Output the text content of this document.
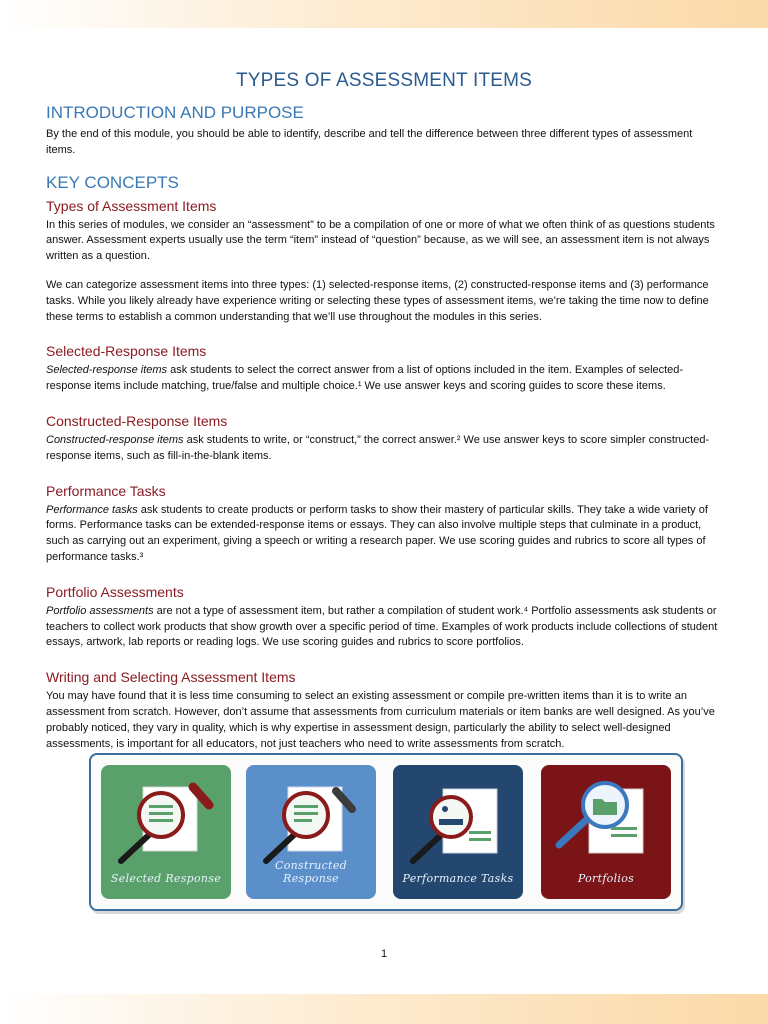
TYPES OF ASSESSMENT ITEMS
INTRODUCTION AND PURPOSE

By the end of this module, you should be able to identify, describe and tell the difference between three different types of assessment items.

KEY CONCEPTS
Types of Assessment Items

In this series of modules, we consider an “assessment” to be a compilation of one or more of what we often think of as questions students answer. Assessment experts usually use the term “item” instead of “question” because, as we will see, an assessment item is not always written as a question.

We can categorize assessment items into three types: (1) selected-response items, (2) constructed-response items and (3) performance tasks. While you likely already have experience writing or selecting these types of assessment items, we’re taking the time now to define these terms to establish a common understanding that we’ll use throughout the modules in this series.

Selected-Response Items

Selected-response items ask students to select the correct answer from a list of options included in the item. Examples of selected-response items include matching, true/false and multiple choice.¹ We use answer keys and scoring guides to score these items.

Constructed-Response Items

Constructed-response items ask students to write, or “construct,” the correct answer.² We use answer keys to score simpler constructed-response items, such as fill-in-the-blank items.

Performance Tasks

Performance tasks ask students to create products or perform tasks to show their mastery of particular skills. They take a wide variety of forms. Performance tasks can be extended-response items or essays. They can also involve multiple steps that culminate in a product, such as carrying out an experiment, giving a speech or writing a research paper. We use scoring guides and rubrics to score all types of performance tasks.³

Portfolio Assessments

Portfolio assessments are not a type of assessment item, but rather a compilation of student work.⁴ Portfolio assessments ask students or teachers to collect work products that show growth over a specific period of time. Examples of work products include collections of student essays, artwork, lab reports or reading logs. We use scoring guides and rubrics to score portfolios.

Writing and Selecting Assessment Items

You may have found that it is less time consuming to select an existing assessment or compile pre-written items than it is to write an assessment from scratch. However, don’t assume that assessments from curriculum materials or item banks are well designed. As you’ve probably noticed, they vary in quality, which is why expertise in assessment design, particularly the ability to select well-designed assessments, is important for all educators, not just teachers who need to write assessments from scratch.

Selected Response
Constructed Response	Performance Tasks	Portfolios
1
